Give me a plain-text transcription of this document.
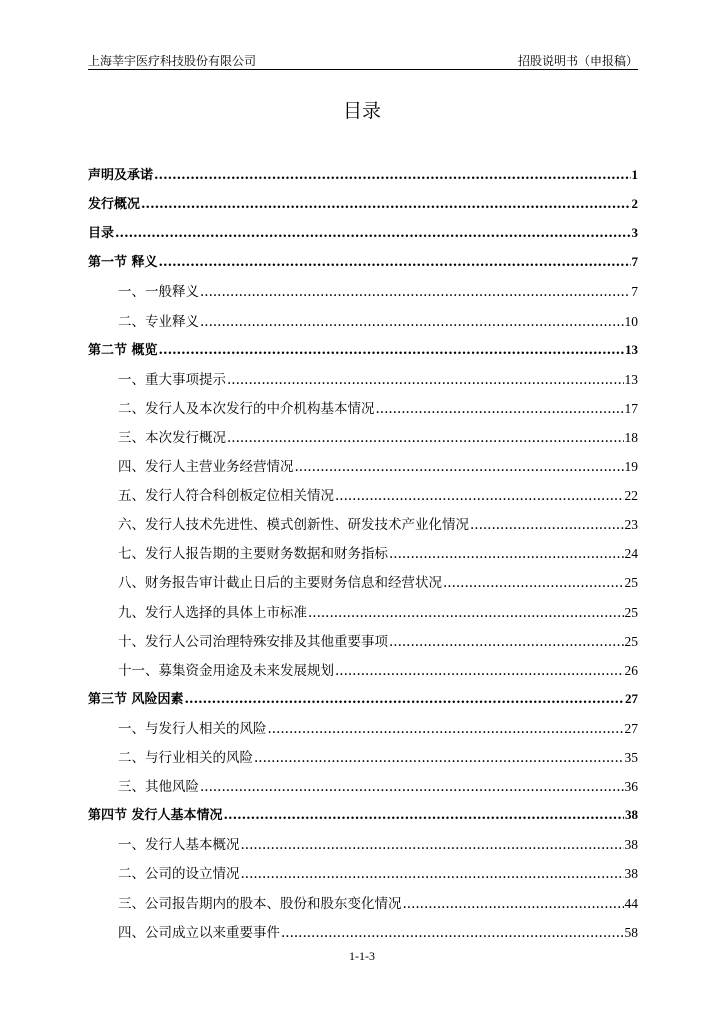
上海莘宇医疗科技股份有限公司	招股说明书（申报稿）
目录
声明及承诺 .....	1
发行概况 .....	2
目录 .....	3
第一节 释义 .....	7
一、一般释义 .....	7
二、专业释义 .....	10
第二节 概览 .....	13
一、重大事项提示 .....	13
二、发行人及本次发行的中介机构基本情况 .....	17
三、本次发行概况 .....	18
四、发行人主营业务经营情况 .....	19
五、发行人符合科创板定位相关情况 .....	22
六、发行人技术先进性、模式创新性、研发技术产业化情况 .....	23
七、发行人报告期的主要财务数据和财务指标 .....	24
八、财务报告审计截止日后的主要财务信息和经营状况 .....	25
九、发行人选择的具体上市标准 .....	25
十、发行人公司治理特殊安排及其他重要事项 .....	25
十一、募集资金用途及未来发展规划 .....	26
第三节 风险因素 .....	27
一、与发行人相关的风险 .....	27
二、与行业相关的风险 .....	35
三、其他风险 .....	36
第四节 发行人基本情况 .....	38
一、发行人基本概况 .....	38
二、公司的设立情况 .....	38
三、公司报告期内的股本、股份和股东变化情况 .....	44
四、公司成立以来重要事件 .....	58
1-1-3
